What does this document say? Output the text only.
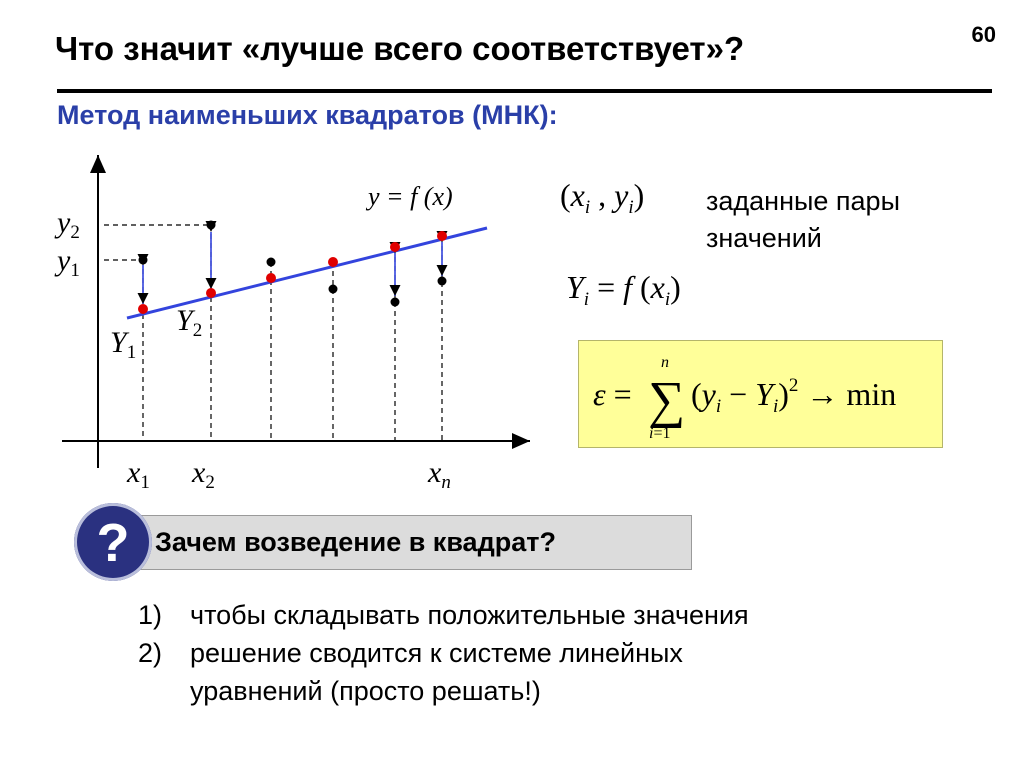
60
Что значит «лучше всего соответствует»?
Метод наименьших квадратов (МНК):
y = f (x)
$y_2$
$y_1$
$Y_2$
$Y_1$
$x_1$ $x_2$	$x_n$
($x_i$ , $y_i$)
$Y_i = f$ $(x_i)$
заданные пары
значений
ε =
n
∑
i=1
$(y_i - Y_i)^2 \to \min$
? Зачем возведение в квадрат?
1)	чтобы складывать положительные значения
2)	решение сводится к системе линейных
уравнений (просто решать!)
